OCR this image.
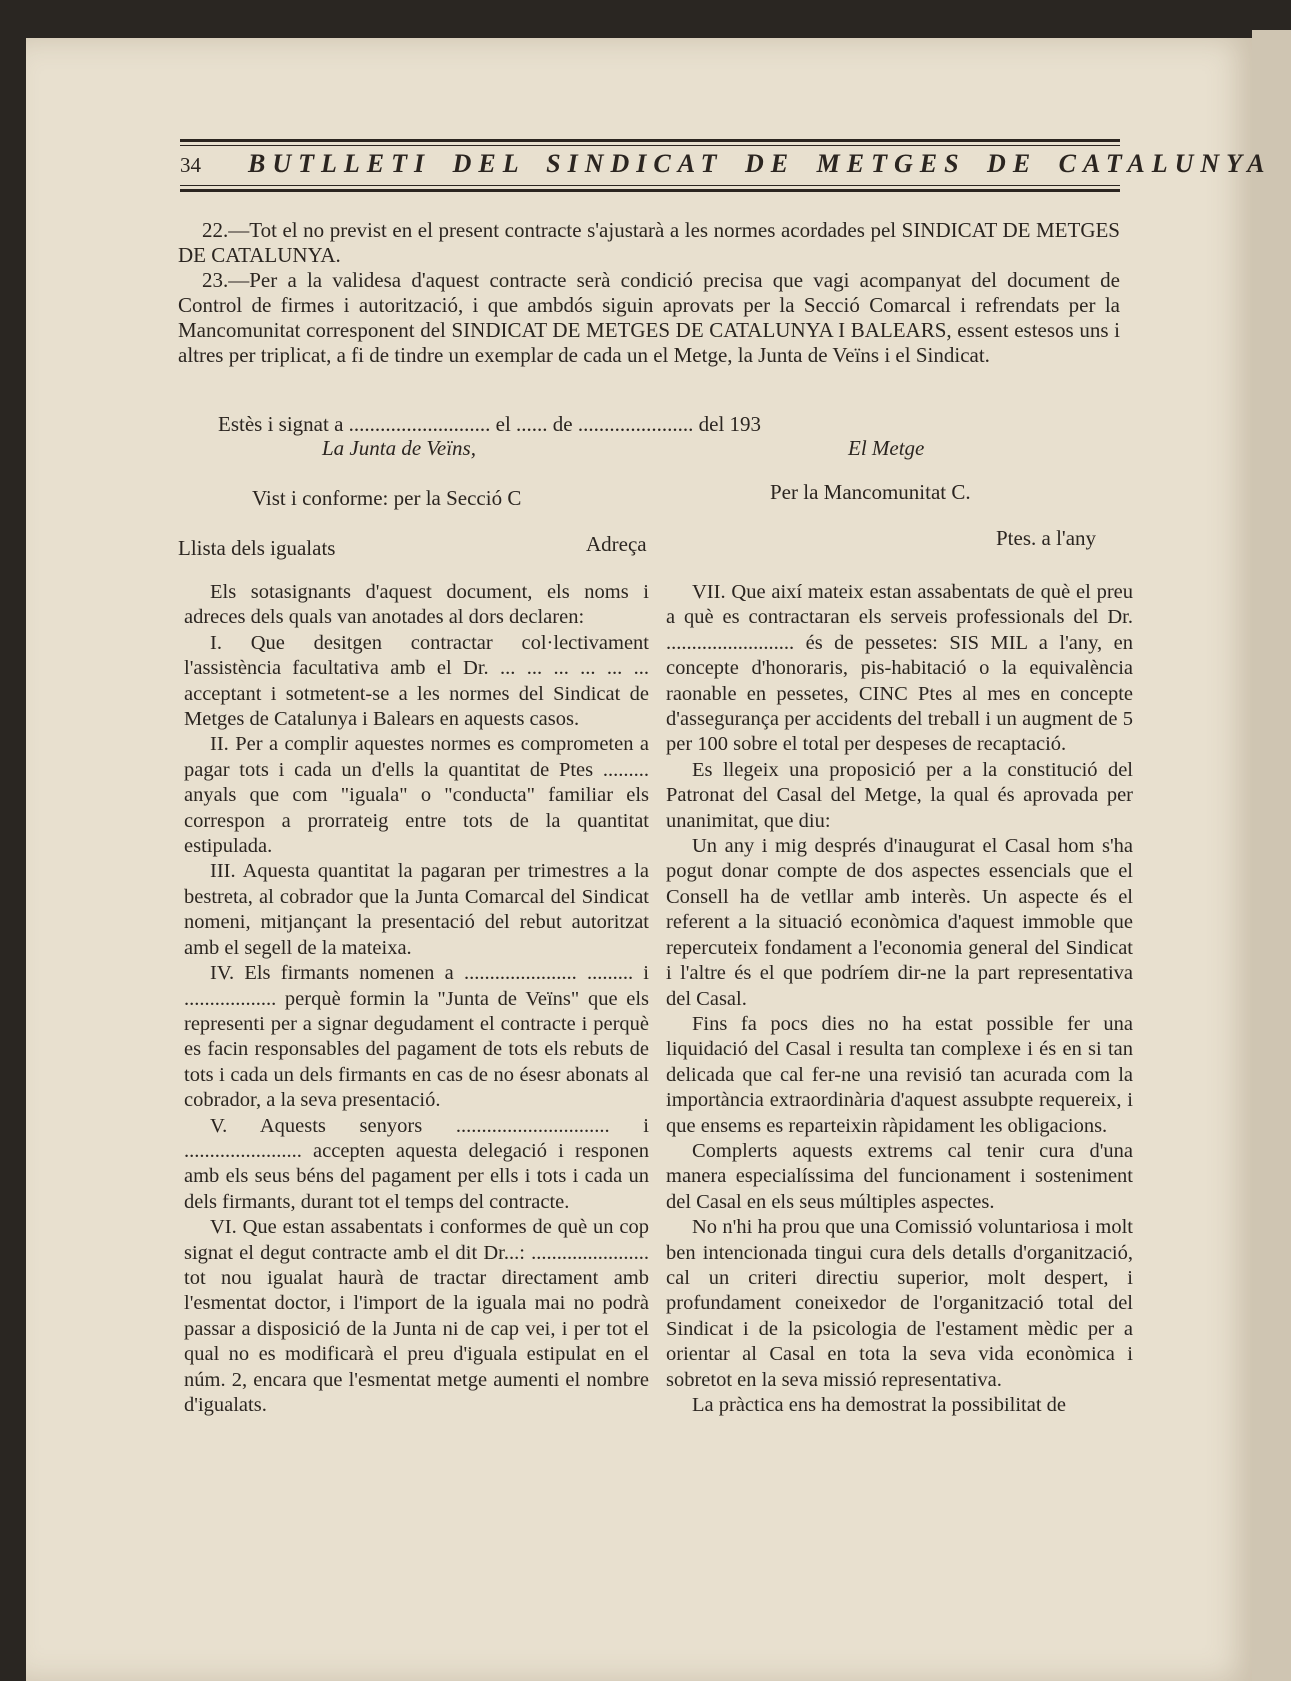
34 BUTLLETI DEL SINDICAT DE METGES DE CATALUNYA
22.—Tot el no previst en el present contracte s'ajustarà a les normes acordades pel SINDICAT DE METGES DE CATALUNYA.
23.—Per a la validesa d'aquest contracte serà condició precisa que vagi acompanyat del document de Control de firmes i autorització, i que ambdós siguin aprovats per la Secció Comarcal i refrendats per la Mancomunitat corresponent del SINDICAT DE METGES DE CATALUNYA I BALEARS, essent estesos uns i altres per triplicat, a fi de tindre un exemplar de cada un el Metge, la Junta de Veïns i el Sindicat.
Estès i signat a ........................... el ...... de ...................... del 193
La Junta de Veïns,	El Metge
Vist i conforme: per la Secció C	Per la Mancomunitat C.
Llista dels igualats	Adreça	Ptes. a l'any

Els sotasignants d'aquest document, els noms i adreces dels quals van anotades al dors declaren:

I. Que desitgen contractar col·lectivament l'assistència facultativa amb el Dr. ... ... ... ... ... ... acceptant i sotmetent-se a les normes del Sindicat de Metges de Catalunya i Balears en aquests casos.

II. Per a complir aquestes normes es comprometen a pagar tots i cada un d'ells la quantitat de Ptes ......... anyals que com "iguala" o "conducta" familiar els correspon a prorrateig entre tots de la quantitat estipulada.

III. Aquesta quantitat la pagaran per trimestres a la bestreta, al cobrador que la Junta Comarcal del Sindicat nomeni, mitjançant la presentació del rebut autoritzat amb el segell de la mateixa.

IV. Els firmants nomenen a ...................... ......... i .................. perquè formin la "Junta de Veïns" que els representi per a signar degudament el contracte i perquè es facin responsables del pagament de tots els rebuts de tots i cada un dels firmants en cas de no ésesr abonats al cobrador, a la seva presentació.

V. Aquests senyors .............................. i ....................... accepten aquesta delegació i responen amb els seus béns del pagament per ells i tots i cada un dels firmants, durant tot el temps del contracte.

VI. Que estan assabentats i conformes de què un cop signat el degut contracte amb el dit Dr...: ....................... tot nou igualat haurà de tractar directament amb l'esmentat doctor, i l'import de la iguala mai no podrà passar a disposició de la Junta ni de cap vei, i per tot el qual no es modificarà el preu d'iguala estipulat en el núm. 2, encara que l'esmentat metge aumenti el nombre d'igualats.

VII. Que així mateix estan assabentats de què el preu a què es contractaran els serveis professionals del Dr. ......................... és de pessetes: SIS MIL a l'any, en concepte d'honoraris, pis-habitació o la equivalència raonable en pessetes, CINC Ptes al mes en concepte d'assegurança per accidents del treball i un augment de 5 per 100 sobre el total per despeses de recaptació.

Es llegeix una proposició per a la constitució del Patronat del Casal del Metge, la qual és aprovada per unanimitat, que diu:

Un any i mig després d'inaugurat el Casal hom s'ha pogut donar compte de dos aspectes essencials que el Consell ha de vetllar amb interès. Un aspecte és el referent a la situació econòmica d'aquest immoble que repercuteix fondament a l'economia general del Sindicat i l'altre és el que podríem dir-ne la part representativa del Casal.

Fins fa pocs dies no ha estat possible fer una liquidació del Casal i resulta tan complexe i és en si tan delicada que cal fer-ne una revisió tan acurada com la importància extraordinària d'aquest assubpte requereix, i que ensems es reparteixin ràpidament les obligacions.

Complerts aquests extrems cal tenir cura d'una manera especialíssima del funcionament i sosteniment del Casal en els seus múltiples aspectes.

No n'hi ha prou que una Comissió voluntariosa i molt ben intencionada tingui cura dels detalls d'organització, cal un criteri directiu superior, molt despert, i profundament coneixedor de l'organització total del Sindicat i de la psicologia de l'estament mèdic per a orientar al Casal en tota la seva vida econòmica i sobretot en la seva missió representativa.

La pràctica ens ha demostrat la possibilitat de
